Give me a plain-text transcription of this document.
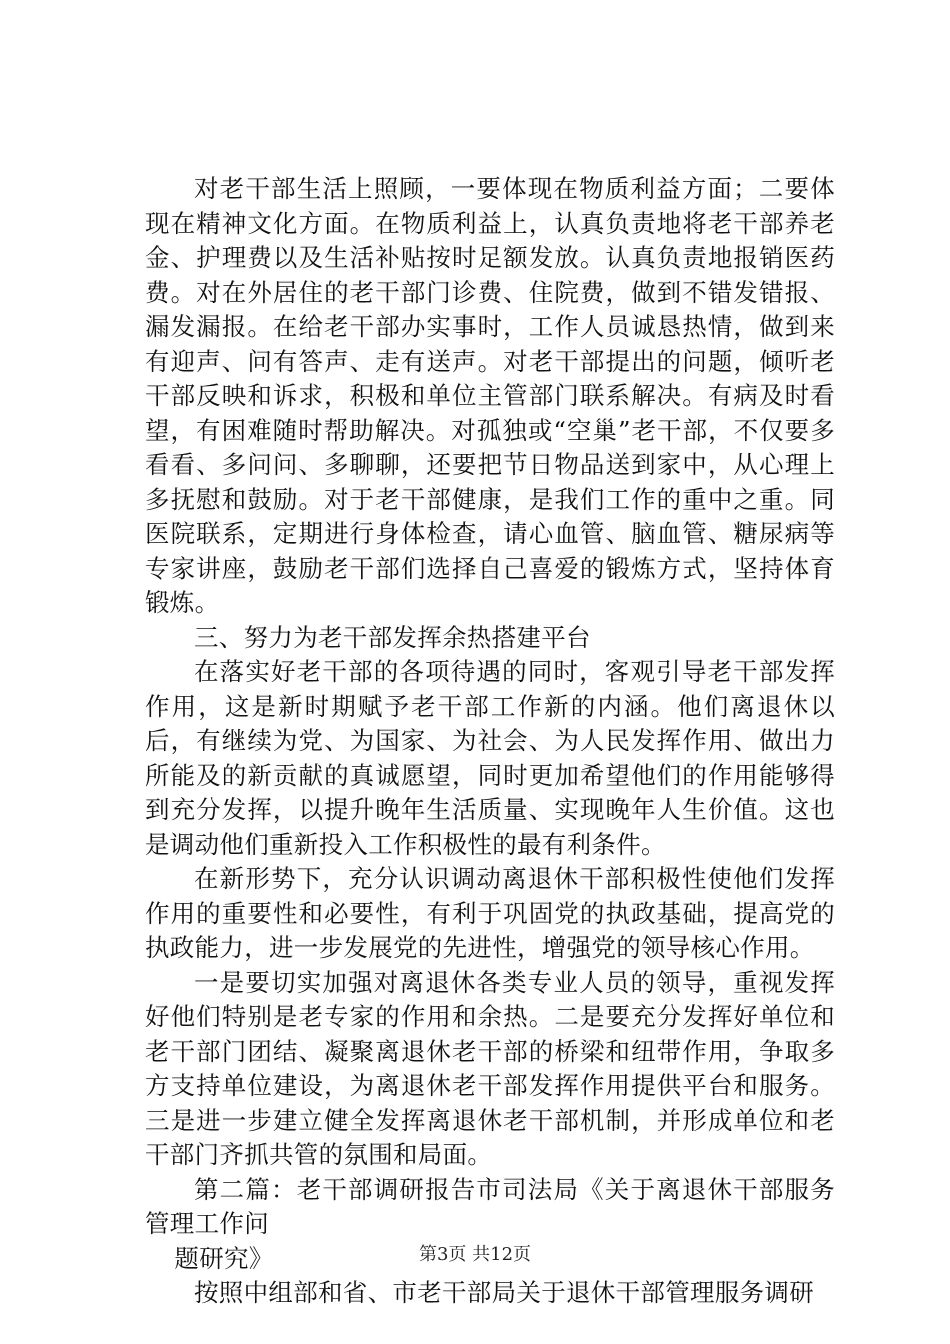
对老干部生活上照顾，一要体现在物质利益方面；二要体现在精神文化方面。在物质利益上，认真负责地将老干部养老金、护理费以及生活补贴按时足额发放。认真负责地报销医药费。对在外居住的老干部门诊费、住院费，做到不错发错报、漏发漏报。在给老干部办实事时，工作人员诚恳热情，做到来有迎声、问有答声、走有送声。对老干部提出的问题，倾听老干部反映和诉求，积极和单位主管部门联系解决。有病及时看望，有困难随时帮助解决。对孤独或“空巢”老干部，不仅要多看看、多问问、多聊聊，还要把节日物品送到家中，从心理上多抚慰和鼓励。对于老干部健康，是我们工作的重中之重。同医院联系，定期进行身体检查，请心血管、脑血管、糖尿病等专家讲座，鼓励老干部们选择自己喜爱的锻炼方式，坚持体育锻炼。

三、努力为老干部发挥余热搭建平台

在落实好老干部的各项待遇的同时，客观引导老干部发挥作用，这是新时期赋予老干部工作新的内涵。他们离退休以后，有继续为党、为国家、为社会、为人民发挥作用、做出力所能及的新贡献的真诚愿望，同时更加希望他们的作用能够得到充分发挥，以提升晚年生活质量、实现晚年人生价值。这也是调动他们重新投入工作积极性的最有利条件。

在新形势下，充分认识调动离退休干部积极性使他们发挥作用的重要性和必要性，有利于巩固党的执政基础，提高党的执政能力，进一步发展党的先进性，增强党的领导核心作用。

一是要切实加强对离退休各类专业人员的领导，重视发挥好他们特别是老专家的作用和余热。二是要充分发挥好单位和老干部门团结、凝聚离退休老干部的桥梁和纽带作用，争取多方支持单位建设，为离退休老干部发挥作用提供平台和服务。三是进一步建立健全发挥离退休老干部机制，并形成单位和老干部门齐抓共管的氛围和局面。

第二篇：老干部调研报告市司法局《关于离退休干部服务管理工作问

题研究》

按照中组部和省、市老干部局关于退休干部管理服务调研

第3页 共12页
